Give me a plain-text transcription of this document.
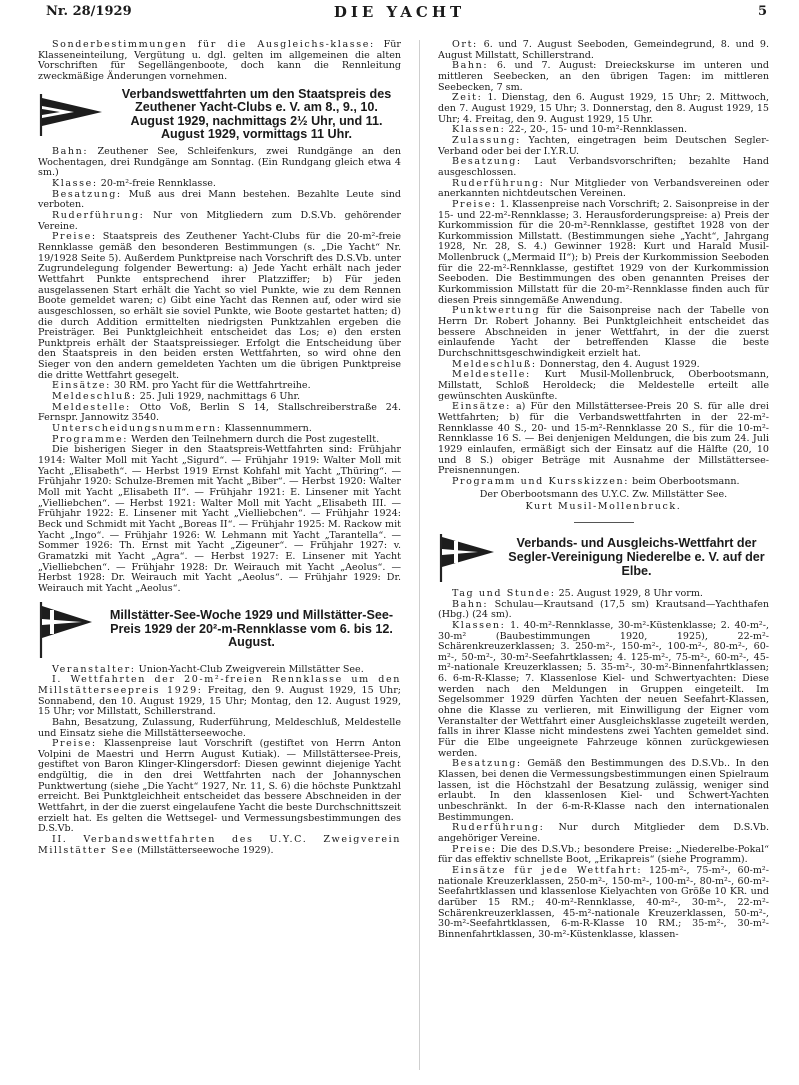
Nr. 28/1929	DIE YACHT	5

Sonderbestimmungen für die Ausgleichs-klasse: Für Klasseneinteilung, Vergütung u. dgl. gelten im allgemeinen die alten Vorschriften für Segellängenboote, doch kann die Rennleitung zweckmäßige Änderungen vornehmen.

Verbandswettfahrten um den Staatspreis des Zeuthener Yacht-Clubs e. V. am 8., 9., 10. August 1929, nachmittags 2½ Uhr, und 11. August 1929, vormittags 11 Uhr.

Bahn: Zeuthener See, Schleifenkurs, zwei Rundgänge an den Wochentagen, drei Rundgänge am Sonntag. (Ein Rundgang gleich etwa 4 sm.)

Klasse: 20-m²-freie Rennklasse.

Besatzung: Muß aus drei Mann bestehen. Bezahlte Leute sind verboten.

Ruderführung: Nur von Mitgliedern zum D.S.Vb. gehörender Vereine.

Preise: Staatspreis des Zeuthener Yacht-Clubs für die 20-m²-freie Rennklasse gemäß den besonderen Bestimmungen (s. „Die Yacht“ Nr. 19/1928 Seite 5). Außerdem Punktpreise nach Vorschrift des D.S.Vb. unter Zugrundelegung folgender Bewertung: a) Jede Yacht erhält nach jeder Wettfahrt Punkte entsprechend ihrer Platzziffer; b) Für jeden ausgelassenen Start erhält die Yacht so viel Punkte, wie zu dem Rennen Boote gemeldet waren; c) Gibt eine Yacht das Rennen auf, oder wird sie ausgeschlossen, so erhält sie soviel Punkte, wie Boote gestartet hatten; d) die durch Addition ermittelten niedrigsten Punktzahlen ergeben die Preisträger. Bei Punktgleichheit entscheidet das Los; e) den ersten Punktpreis erhält der Staatspreissieger. Erfolgt die Entscheidung über den Staatspreis in den beiden ersten Wettfahrten, so wird ohne den Sieger von den andern gemeldeten Yachten um die übrigen Punktpreise die dritte Wettfahrt gesegelt.

Einsätze: 30 RM. pro Yacht für die Wettfahrtreihe.

Meldeschluß: 25. Juli 1929, nachmittags 6 Uhr.

Meldestelle: Otto Voß, Berlin S 14, Stallschreiberstraße 24. Fernspr. Jannowitz 3540.

Unterscheidungsnummern: Klassennummern.

Programme: Werden den Teilnehmern durch die Post zugestellt.

Die bisherigen Sieger in den Staatspreis-Wettfahrten sind: Frühjahr 1914: Walter Moll mit Yacht „Sigurd“. — Frühjahr 1919: Walter Moll mit Yacht „Elisabeth“. — Herbst 1919 Ernst Kohfahl mit Yacht „Thüring“. — Frühjahr 1920: Schulze-Bremen mit Yacht „Biber“. — Herbst 1920: Walter Moll mit Yacht „Elisabeth II“. — Frühjahr 1921: E. Linsener mit Yacht „Vielliebchen“. — Herbst 1921: Walter Moll mit Yacht „Elisabeth III. — Frühjahr 1922: E. Linsener mit Yacht „Vielliebchen“. — Frühjahr 1924: Beck und Schmidt mit Yacht „Boreas II“. — Frühjahr 1925: M. Rackow mit Yacht „Ingo“. — Frühjahr 1926: W. Lehmann mit Yacht „Tarantella“. — Sommer 1926: Th. Ernst mit Yacht „Zigeuner“. — Frühjahr 1927: v. Gramatzki mit Yacht „Agra“. — Herbst 1927: E. Linsener mit Yacht „Vielliebchen“. — Frühjahr 1928: Dr. Weirauch mit Yacht „Aeolus“. — Herbst 1928: Dr. Weirauch mit Yacht „Aeolus“. — Frühjahr 1929: Dr. Weirauch mit Yacht „Aeolus“.

Millstätter-See-Woche 1929 und Millstätter-See-Preis 1929 der 20²-m-Rennklasse vom 6. bis 12. August.

Veranstalter: Union-Yacht-Club Zweigverein Millstätter See.

I. Wettfahrten der 20-m²-freien Rennklasse um den Millstätterseepreis 1929: Freitag, den 9. August 1929, 15 Uhr; Sonnabend, den 10. August 1929, 15 Uhr; Montag, den 12. August 1929, 15 Uhr; vor Millstatt, Schillerstrand.

Bahn, Besatzung, Zulassung, Ruderführung, Meldeschluß, Meldestelle und Einsatz siehe die Millstätterseewoche.

Preise: Klassenpreise laut Vorschrift (gestiftet von Herrn Anton Volpini de Maestri und Herrn August Kutiak). — Millstättersee-Preis, gestiftet von Baron Klinger-Klingersdorf: Diesen gewinnt diejenige Yacht endgültig, die in den drei Wettfahrten nach der Johannyschen Punktwertung (siehe „Die Yacht“ 1927, Nr. 11, S. 6) die höchste Punktzahl erreicht. Bei Punktgleichheit entscheidet das bessere Abschneiden in der Wettfahrt, in der die zuerst eingelaufene Yacht die beste Durchschnittszeit erzielt hat. Es gelten die Wettsegel- und Vermessungsbestimmungen des D.S.Vb.

II. Verbandswettfahrten des U.Y.C. Zweigverein Millstätter See (Millstätterseewoche 1929).

Ort: 6. und 7. August Seeboden, Gemeindegrund, 8. und 9. August Millstatt, Schillerstrand.

Bahn: 6. und 7. August: Dreieckskurse im unteren und mittleren Seebecken, an den übrigen Tagen: im mittleren Seebecken, 7 sm.

Zeit: 1. Dienstag, den 6. August 1929, 15 Uhr; 2. Mittwoch, den 7. August 1929, 15 Uhr; 3. Donnerstag, den 8. August 1929, 15 Uhr; 4. Freitag, den 9. August 1929, 15 Uhr.

Klassen: 22-, 20-, 15- und 10-m²-Rennklassen.

Zulassung: Yachten, eingetragen beim Deutschen Segler-Verband oder bei der I.Y.R.U.

Besatzung: Laut Verbandsvorschriften; bezahlte Hand ausgeschlossen.

Ruderführung: Nur Mitglieder von Verbandsvereinen oder anerkannten nichtdeutschen Vereinen.

Preise: 1. Klassenpreise nach Vorschrift; 2. Saisonpreise in der 15- und 22-m²-Rennklasse; 3. Herausforderungspreise: a) Preis der Kurkommission für die 20-m²-Rennklasse, gestiftet 1928 von der Kurkommission Millstatt. (Bestimmungen siehe „Yacht“, Jahrgang 1928, Nr. 28, S. 4.) Gewinner 1928: Kurt und Harald Musil-Mollenbruck („Mermaid II“); b) Preis der Kurkommission Seeboden für die 22-m²-Rennklasse, gestiftet 1929 von der Kurkommission Seeboden. Die Bestimmungen des oben genannten Preises der Kurkommission Millstatt für die 20-m²-Rennklasse finden auch für diesen Preis sinngemäße Anwendung.

Punktwertung für die Saisonpreise nach der Tabelle von Herrn Dr. Robert Johanny. Bei Punktgleichheit entscheidet das bessere Abschneiden in jener Wettfahrt, in der die zuerst einlaufende Yacht der betreffenden Klasse die beste Durchschnittsgeschwindigkeit erzielt hat.

Meldeschluß: Donnerstag, den 4. August 1929.

Meldestelle: Kurt Musil-Mollenbruck, Oberbootsmann, Millstatt, Schloß Heroldeck; die Meldestelle erteilt alle gewünschten Auskünfte.

Einsätze: a) Für den Millstättersee-Preis 20 S. für alle drei Wettfahrten; b) für die Verbandswettfahrten in der 22-m²-Rennklasse 40 S., 20- und 15-m²-Rennklasse 20 S., für die 10-m²-Rennklasse 16 S. — Bei denjenigen Meldungen, die bis zum 24. Juli 1929 einlaufen, ermäßigt sich der Einsatz auf die Hälfte (20, 10 und 8 S.) obiger Beträge mit Ausnahme der Millstättersee-Preisnennungen.

Programm und Kursskizzen: beim Oberbootsmann.

Der Oberbootsmann des U.Y.C. Zw. Millstätter See.

Kurt Musil-Mollenbruck.

Verbands- und Ausgleichs-Wettfahrt der Segler-Vereinigung Niederelbe e. V. auf der Elbe.

Tag und Stunde: 25. August 1929, 8 Uhr vorm.

Bahn: Schulau—Krautsand (17,5 sm) Krautsand—Yachthafen (Hbg.) (24 sm).

Klassen: 1. 40-m²-Rennklasse, 30-m²-Küstenklasse; 2. 40-m²-, 30-m² (Baubestimmungen 1920, 1925), 22-m²-Schärenkreuzerklassen; 3. 250-m²-, 150-m²-, 100-m²-, 80-m²-, 60-m²-, 50-m²-, 30-m²-Seefahrtklassen; 4. 125-m²-, 75-m²-, 60-m²-, 45-m²-nationale Kreuzerklassen; 5. 35-m²-, 30-m²-Binnenfahrtklassen; 6. 6-m-R-Klasse; 7. Klassenlose Kiel- und Schwertyachten: Diese werden nach den Meldungen in Gruppen eingeteilt. Im Segelsommer 1929 dürfen Yachten der neuen Seefahrt-Klassen, ohne die Klasse zu verlieren, mit Einwilligung der Eigner vom Veranstalter der Wettfahrt einer Ausgleichsklasse zugeteilt werden, falls in ihrer Klasse nicht mindestens zwei Yachten gemeldet sind. Für die Elbe ungeeignete Fahrzeuge können zurückgewiesen werden.

Besatzung: Gemäß den Bestimmungen des D.S.Vb.. In den Klassen, bei denen die Vermessungsbestimmungen einen Spielraum lassen, ist die Höchstzahl der Besatzung zulässig, weniger sind erlaubt. In den klassenlosen Kiel- und Schwert-Yachten unbeschränkt. In der 6-m-R-Klasse nach den internationalen Bestimmungen.

Ruderführung: Nur durch Mitglieder dem D.S.Vb. angehöriger Vereine.

Preise: Die des D.S.Vb.; besondere Preise: „Niederelbe-Pokal“ für das effektiv schnellste Boot, „Erikapreis“ (siehe Programm).

Einsätze für jede Wettfahrt: 125-m²-, 75-m²-, 60-m²-nationale Kreuzerklassen, 250-m²-, 150-m²-, 100-m²-, 80-m²-, 60-m²-Seefahrtklassen und klassenlose Kielyachten von Größe 10 KR. und darüber 15 RM.; 40-m²-Rennklasse, 40-m²-, 30-m²-, 22-m²-Schärenkreuzerklassen, 45-m²-nationale Kreuzerklassen, 50-m²-, 30-m²-Seefahrtklassen, 6-m-R-Klasse 10 RM.; 35-m²-, 30-m²-Binnenfahrtklassen, 30-m²-Küstenklasse, klassen-
